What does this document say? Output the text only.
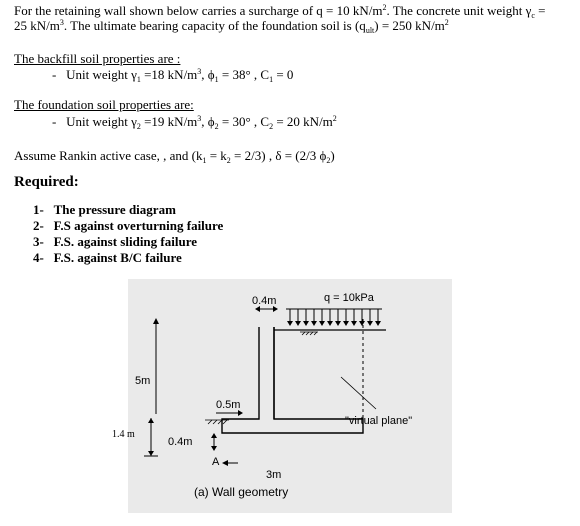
For the retaining wall shown below carries a surcharge of q = 10 $kN/m^2$. The concrete unit weight $\gamma_c$ =
25 $kN/m^3$. The ultimate bearing capacity of the foundation soil is $(q_{ult}) = 250$ $kN/m^2$
The backfill soil properties are :
- Unit weight $\gamma_1 =18$ $kN/m^3$, $\phi_1 = 38^\circ$ , $C_1 = 0$
The foundation soil properties are:
- Unit weight $\gamma_2 =19$ $kN/m^3$, $\phi_2 = 30^\circ$ , $C_2 = 20$ $kN/m^2$
Assume Rankin active case, , and $(k_1 = k_2 = 2/3)$ , δ = (2/3 $\phi_2$)
Required:
1- The pressure diagram
2- F.S against overturning failure
3- F.S. against sliding failure
4- F.S. against B/C failure
0.4m	q = 10kPa
5m
0.5m
"virtual plane"
1.4 m
0.4m
A
3m
(a) Wall geometry
